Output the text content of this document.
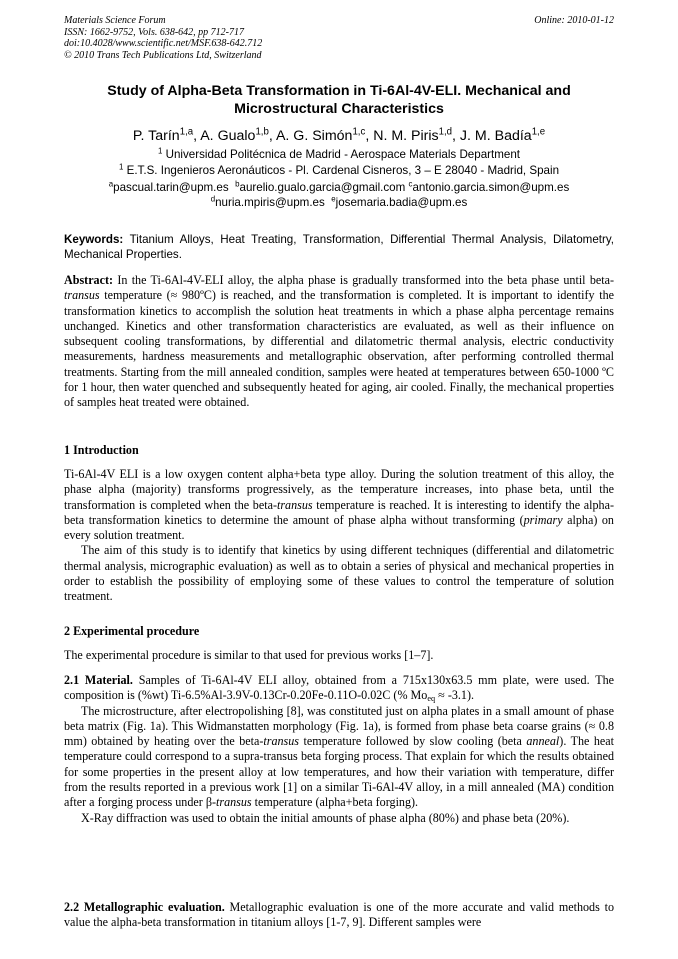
Materials Science Forum
ISSN: 1662-9752, Vols. 638-642, pp 712-717
doi:10.4028/www.scientific.net/MSF.638-642.712
© 2010 Trans Tech Publications Ltd, Switzerland
Online: 2010-01-12
Study of Alpha-Beta Transformation in Ti-6Al-4V-ELI. Mechanical and
Microstructural Characteristics
P. Tarín$^{1,a}$, A. Gualo$^{1,b}$, A. G. Simón$^{1,c}$, N. M. Piris$^{1,d}$, J. M. Badía$^{1,e}$
$^1$ Universidad Politécnica de Madrid - Aerospace Materials Department
$^1$ E.T.S. Ingenieros Aeronáuticos - Pl. Cardenal Cisneros, 3 – E 28040 - Madrid, Spain
$^a$pascual.tarin@upm.es $^b$aurelio.gualo.garcia@gmail.com $^c$antonio.garcia.simon@upm.es
$^d$nuria.mpiris@upm.es $^e$josemaria.badia@upm.es
Keywords: Titanium Alloys, Heat Treating, Transformation, Differential Thermal Analysis, Dilatometry, Mechanical Properties.
Abstract: In the Ti-6Al-4V-ELI alloy, the alpha phase is gradually transformed into the beta phase until beta-transus temperature (≈ 980ºC) is reached, and the transformation is completed. It is important to identify the transformation kinetics to accomplish the solution heat treatments in which a phase alpha percentage remains unchanged. Kinetics and other transformation characteristics are evaluated, as well as their influence on subsequent cooling transformations, by differential and dilatometric thermal analysis, electric conductivity measurements, hardness measurements and metallographic observation, after performing controlled thermal treatments. Starting from the mill annealed condition, samples were heated at temperatures between 650-1000 ºC for 1 hour, then water quenched and subsequently heated for aging, air cooled. Finally, the mechanical properties of samples heat treated were obtained.
1 Introduction

Ti-6Al-4V ELI is a low oxygen content alpha+beta type alloy. During the solution treatment of this alloy, the phase alpha (majority) transforms progressively, as the temperature increases, into phase beta, until the transformation is completed when the beta-transus temperature is reached. It is interesting to identify the alpha-beta transformation kinetics to determine the amount of phase alpha without transforming (primary alpha) on every solution treatment.

The aim of this study is to identify that kinetics by using different techniques (differential and dilatometric thermal analysis, micrographic evaluation) as well as to obtain a series of physical and mechanical properties in order to establish the possibility of employing some of these values to control the temperature of solution treatment.

2 Experimental procedure
The experimental procedure is similar to that used for previous works [1–7].

2.1 Material. Samples of Ti-6Al-4V ELI alloy, obtained from a 715x130x63.5 mm plate, were used. The composition is (%wt) Ti-6.5%Al-3.9V-0.13Cr-0.20Fe-0.11O-0.02C (% $Mo_{eq} \approx -3.1$).

The microstructure, after electropolishing [8], was constituted just on alpha plates in a small amount of phase beta matrix (Fig. 1a). This Widmanstatten morphology (Fig. 1a), is formed from phase beta coarse grains (≈ 0.8 mm) obtained by heating over the beta-transus temperature followed by slow cooling (beta anneal). The heat temperature could correspond to a supra-transus beta forging process. That explain for which the results obtained for some properties in the present alloy at low temperatures, and how their variation with temperature, differ from the results reported in a previous work [1] on a similar Ti-6Al-4V alloy, in a mill annealed (MA) condition after a forging process under β-transus temperature (alpha+beta forging).

X-Ray diffraction was used to obtain the initial amounts of phase alpha (80%) and phase beta (20%).

2.2 Metallographic evaluation. Metallographic evaluation is one of the more accurate and valid methods to value the alpha-beta transformation in titanium alloys [1-7, 9]. Different samples were
